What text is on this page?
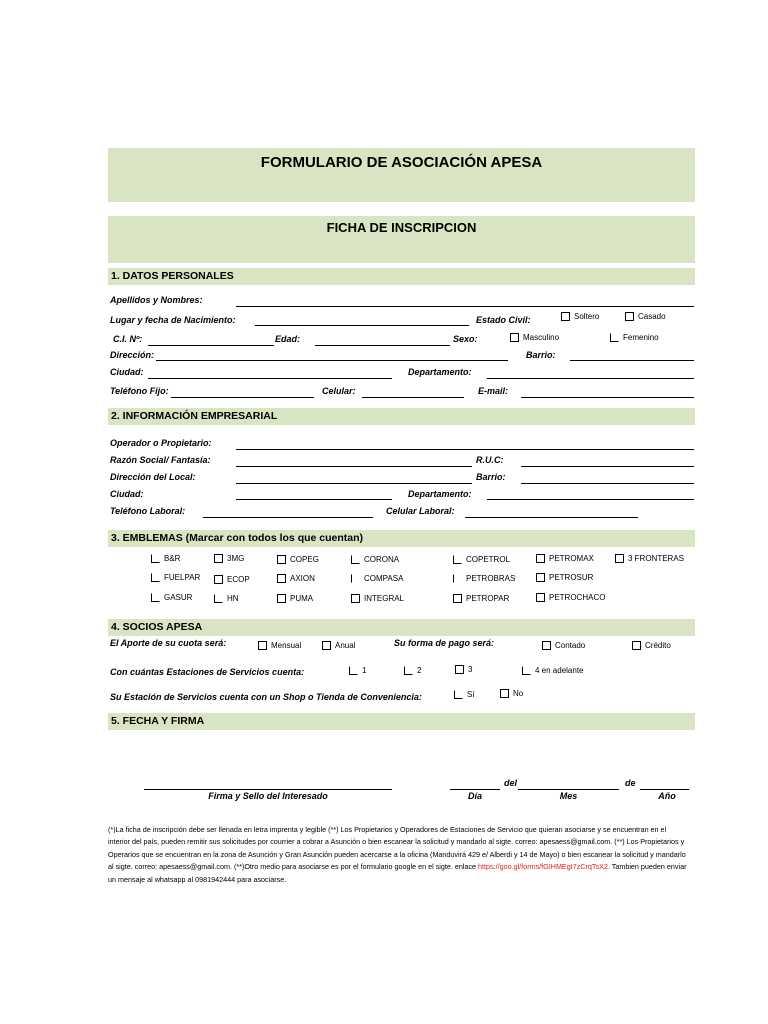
FORMULARIO DE ASOCIACIÓN APESA
FICHA DE INSCRIPCION
1. DATOS PERSONALES
Apellidos y Nombres:
Lugar y fecha de Nacimiento:	Estado Civil:	Soltero	Casado
C.I. Nº:	Edad:	Sexo:	Masculino	Femenino
Dirección:	Barrio:
Ciudad:	Departamento:
Teléfono Fijo:	Celular:	E-mail:
2. INFORMACIÓN EMPRESARIAL
Operador o Propietario:
Razón Social/ Fantasía:	R.U.C:
Dirección del Local:	Barrio:
Ciudad:	Departamento:
Teléfono Laboral:	Celular Laboral:
3. EMBLEMAS (Marcar con todos los que cuentan)
B&R	3MG	COPEG	CORONA	COPETROL	PETROMAX	3 FRONTERAS
FUELPAR	ECOP	AXION	COMPASA	PETROBRAS	PETROSUR
GASUR	HN	PUMA	INTEGRAL	PETROPAR	PETROCHACO
4. SOCIOS APESA
El Aporte de su cuota será:	Mensual	Anual	Su forma de pago será:	Contado	Crédito
Con cuántas Estaciones de Servicios cuenta:	1	2	3	4 en adelante
Su Estación de Servicios cuenta con un Shop o Tienda de Conveniencia:	Sí	No
5. FECHA Y FIRMA
Firma y Sello del Interesado	Día
del
Mes
de
Año
(*)La ficha de inscripción debe ser llenada en letra imprenta y legible (**) Los Propietarios y Operadores de Estaciones de Servicio que quieran asociarse y se encuentran en el interior del país, pueden remitir sus solicitudes por courrier a cobrar a Asunción o bien escanear la solicitud y mandarlo al sigte. correo: apesaess@gmail.com. (**) Los Propietarios y Operarios que se encuentran en la zona de Asunción y Gran Asunción pueden acercarse a la oficina (Manduvirá 429 e/ Alberdi y 14 de Mayo) o bien escanear la solicitud y mandarlo al sigte. correo: apesaess@gmail.com. (**)Otro medio para asociarse es por el formulario google en el sigte. enlace https://goo.gl/forms/fGIHMEgt7zCrqTsX2. Tambien pueden enviar un mensaje al whatsapp al 0981942444 para asociarse.
